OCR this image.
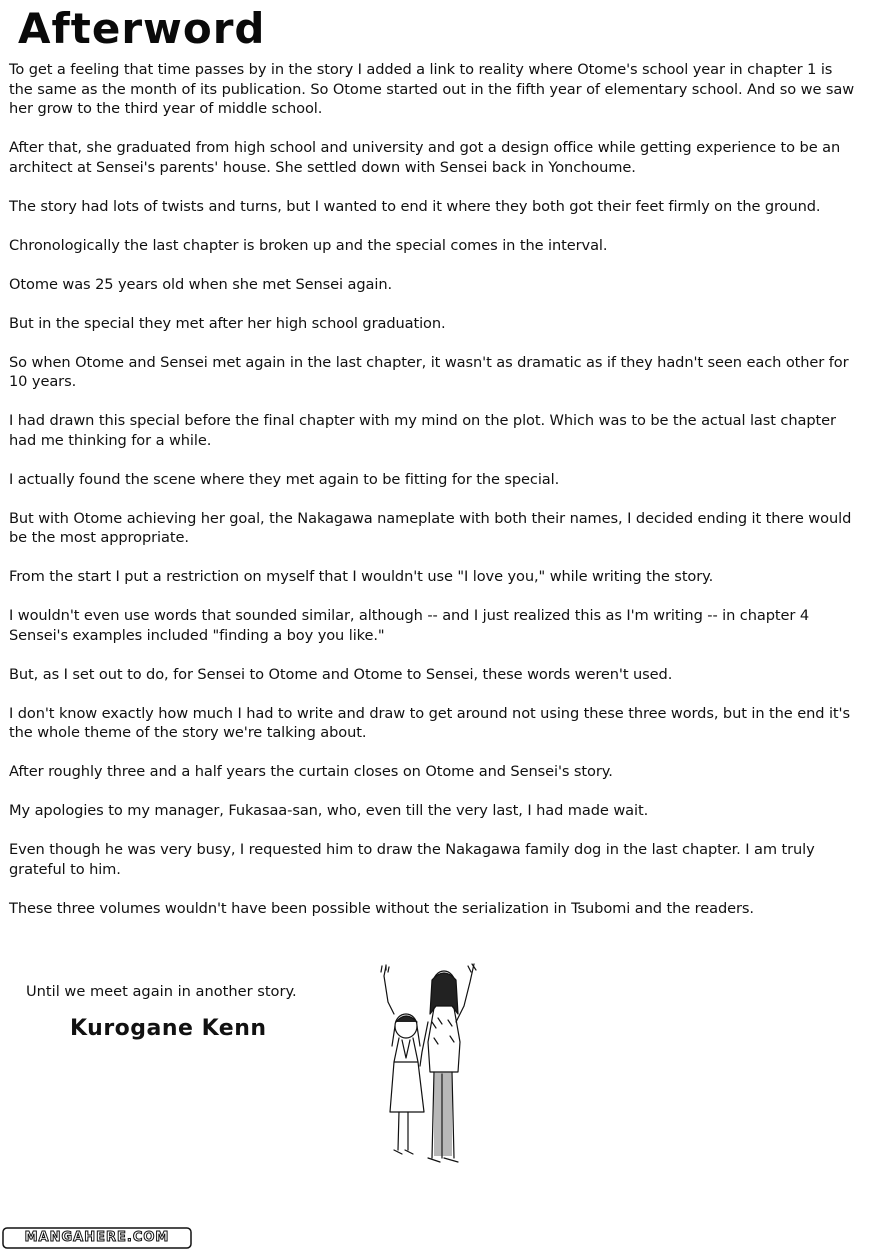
Afterword

To get a feeling that time passes by in the story I added a link to reality where Otome's school year in chapter 1 is the same as the month of its publication. So Otome started out in the fifth year of elementary school. And so we saw her grow to the third year of middle school.

After that, she graduated from high school and university and got a design office while getting experience to be an architect at Sensei's parents' house. She settled down with Sensei back in Yonchoume.

The story had lots of twists and turns, but I wanted to end it where they both got their feet firmly on the ground.

Chronologically the last chapter is broken up and the special comes in the interval.

Otome was 25 years old when she met Sensei again.

But in the special they met after her high school graduation.

So when Otome and Sensei met again in the last chapter, it wasn't as dramatic as if they hadn't seen each other for 10 years.

I had drawn this special before the final chapter with my mind on the plot. Which was to be the actual last chapter had me thinking for a while.

I actually found the scene where they met again to be fitting for the special.

But with Otome achieving her goal, the Nakagawa nameplate with both their names, I decided ending it there would be the most appropriate.

From the start I put a restriction on myself that I wouldn't use "I love you," while writing the story.

I wouldn't even use words that sounded similar, although -- and I just realized this as I'm writing -- in chapter 4 Sensei's examples included "finding a boy you like."

But, as I set out to do, for Sensei to Otome and Otome to Sensei, these words weren't used.

I don't know exactly how much I had to write and draw to get around not using these three words, but in the end it's the whole theme of the story we're talking about.

After roughly three and a half years the curtain closes on Otome and Sensei's story.

My apologies to my manager, Fukasaa-san, who, even till the very last, I had made wait.

Even though he was very busy, I requested him to draw the Nakagawa family dog in the last chapter. I am truly grateful to him.

These three volumes wouldn't have been possible without the serialization in Tsubomi and the readers.

Until we meet again in another story.
Kurogane Kenn
MANGAHERE.COM
